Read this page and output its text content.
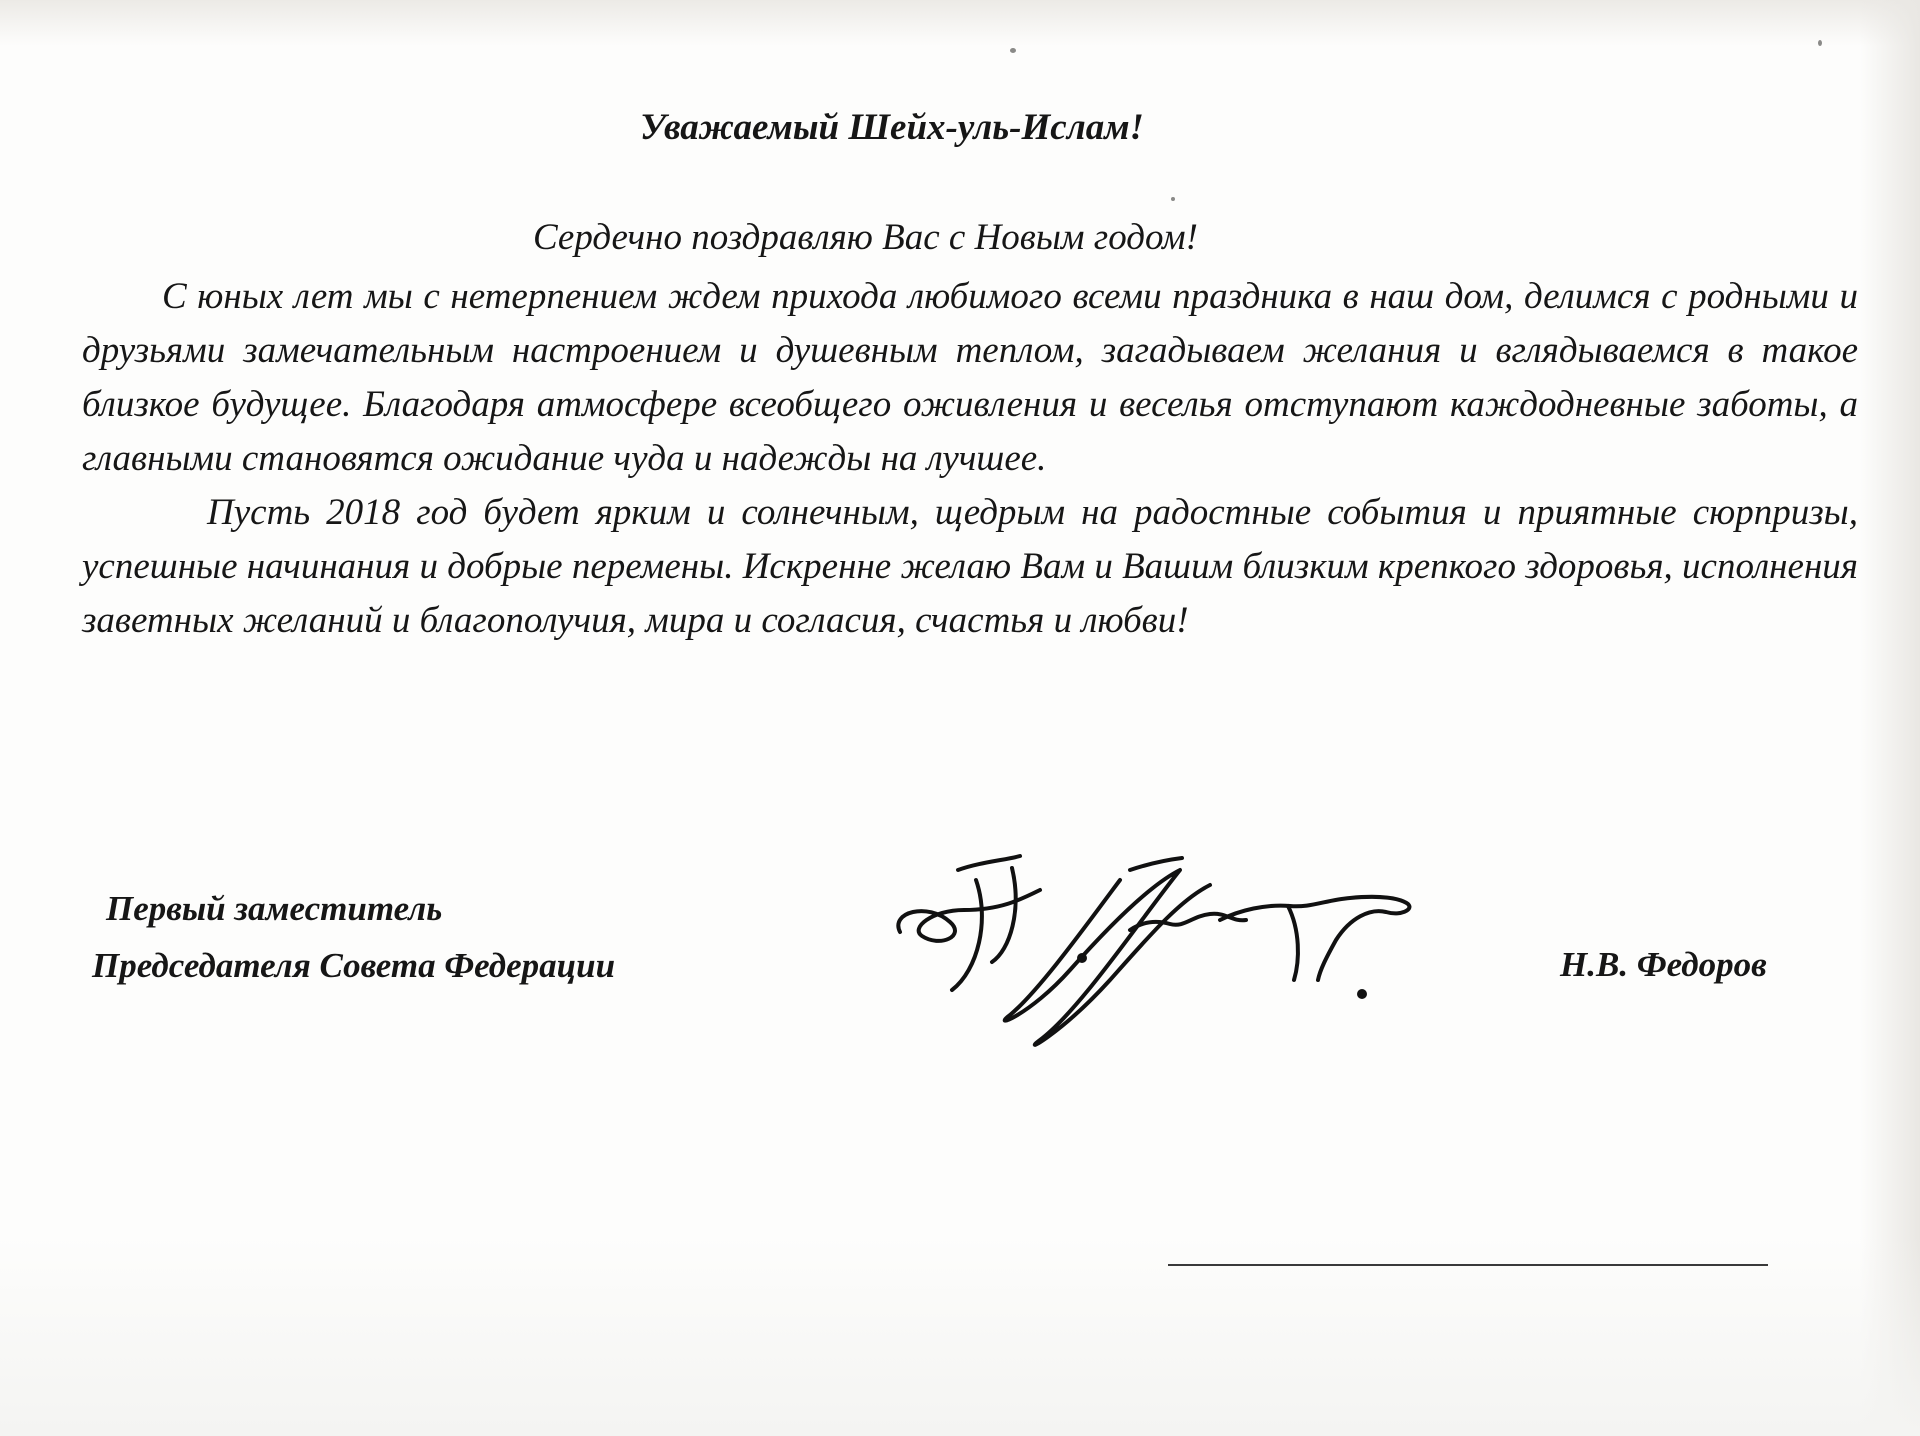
Уважаемый Шейх-уль-Ислам!
Сердечно поздравляю Вас с Новым годом!

С юных лет мы с нетерпением ждем прихода любимого всеми праздника в наш дом, делимся с родными и друзьями замечательным настроением и душевным теплом, загадываем желания и вглядываемся в такое близкое будущее. Благодаря атмосфере всеобщего оживления и веселья отступают каждодневные заботы, а главными становятся ожидание чуда и надежды на лучшее.

Пусть 2018 год будет ярким и солнечным, щедрым на радостные события и приятные сюрпризы, успешные начинания и добрые перемены. Искренне желаю Вам и Вашим близким крепкого здоровья, исполнения заветных желаний и благополучия, мира и согласия, счастья и любви!

Первый заместитель
Председателя Совета Федерации	Н.В. Федоров
